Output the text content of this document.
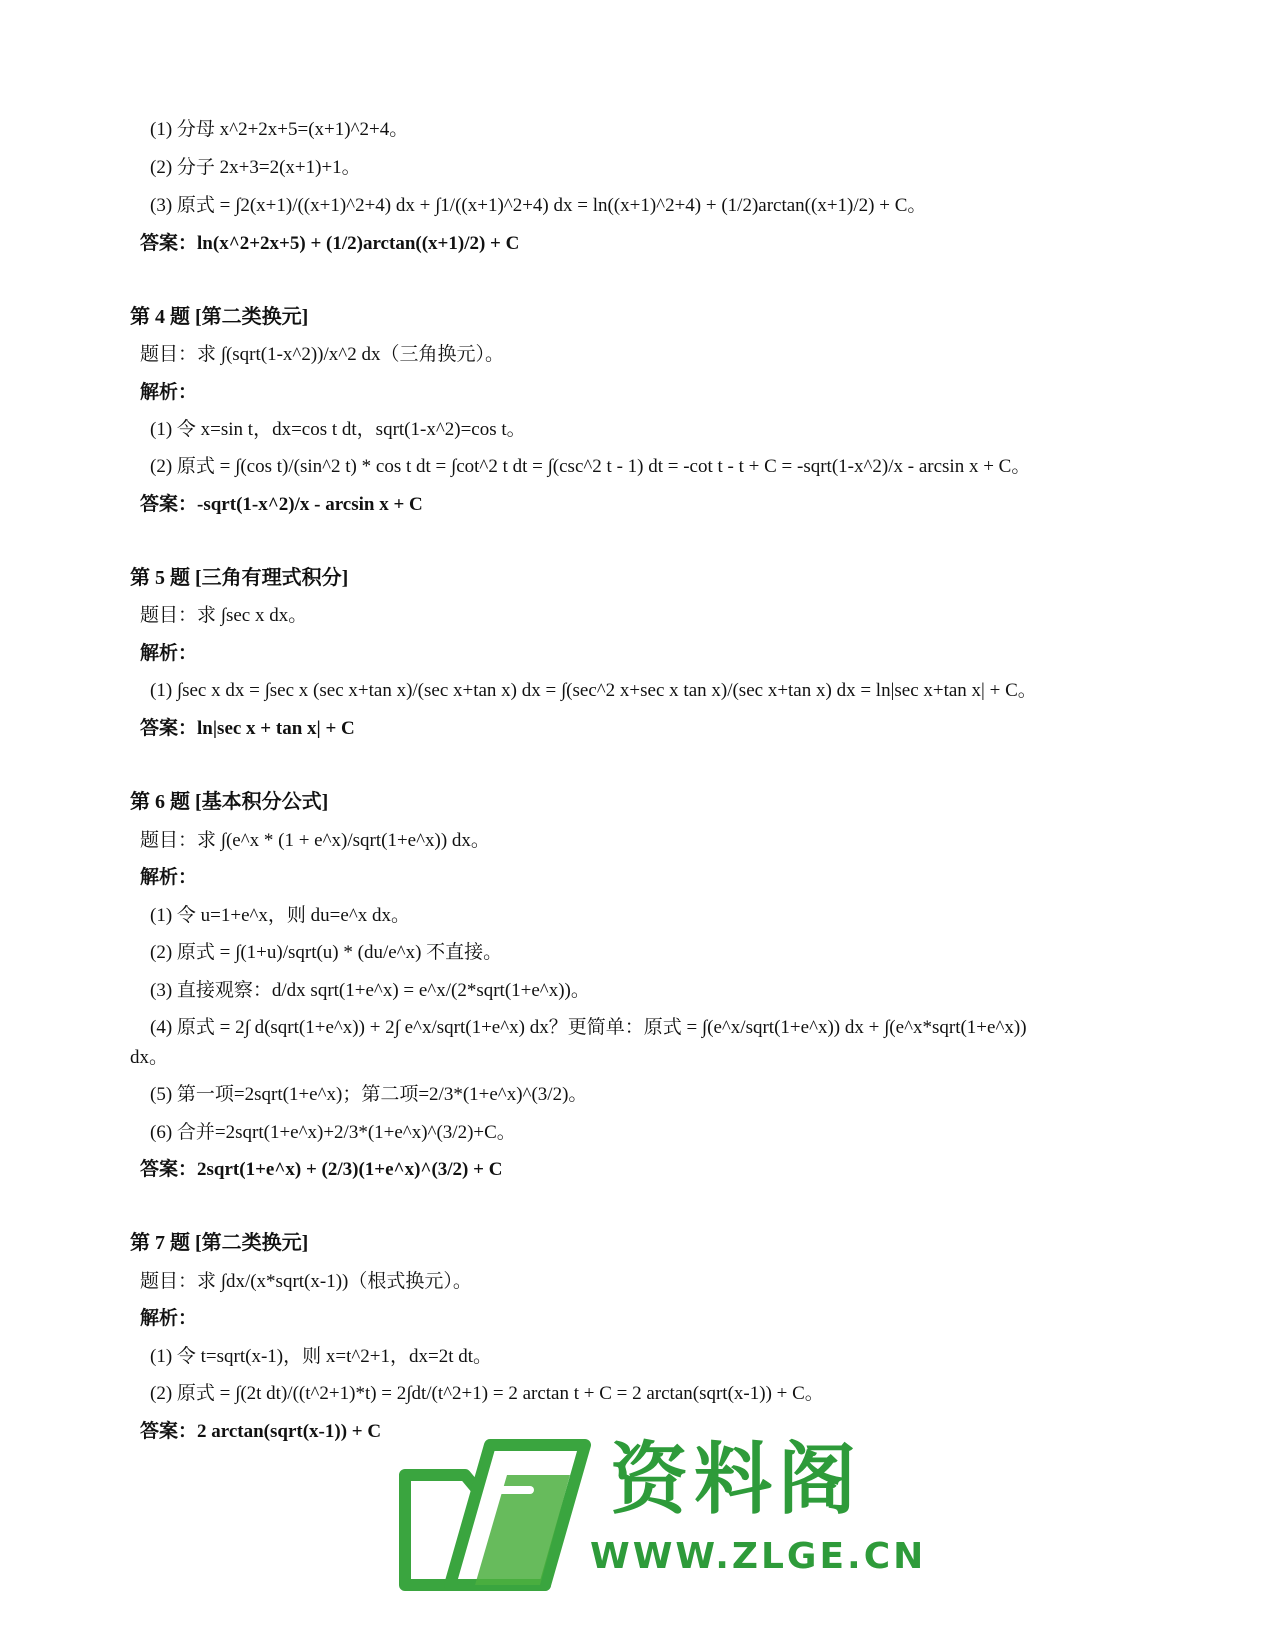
(1) 分母 x^2+2x+5=(x+1)^2+4。
(2) 分子 2x+3=2(x+1)+1。
(3) 原式 = ∫2(x+1)/((x+1)^2+4) dx + ∫1/((x+1)^2+4) dx = ln((x+1)^2+4) + (1/2)arctan((x+1)/2) + C。
答案：ln(x^2+2x+5) + (1/2)arctan((x+1)/2) + C
第 4 题 [第二类换元]
题目：求 ∫(sqrt(1-x^2))/x^2 dx（三角换元）。
解析：
(1) 令 x=sin t，dx=cos t dt，sqrt(1-x^2)=cos t。
(2) 原式 = ∫(cos t)/(sin^2 t) * cos t dt = ∫cot^2 t dt = ∫(csc^2 t - 1) dt = -cot t - t + C = -sqrt(1-x^2)/x - arcsin x + C。
答案：-sqrt(1-x^2)/x - arcsin x + C
第 5 题 [三角有理式积分]
题目：求 ∫sec x dx。
解析：
(1) ∫sec x dx = ∫sec x (sec x+tan x)/(sec x+tan x) dx = ∫(sec^2 x+sec x tan x)/(sec x+tan x) dx = ln|sec x+tan x| + C。
答案：ln|sec x + tan x| + C
第 6 题 [基本积分公式]
题目：求 ∫(e^x * (1 + e^x)/sqrt(1+e^x)) dx。
解析：
(1) 令 u=1+e^x，则 du=e^x dx。
(2) 原式 = ∫(1+u)/sqrt(u) * (du/e^x) 不直接。
(3) 直接观察：d/dx sqrt(1+e^x) = e^x/(2*sqrt(1+e^x))。
(4) 原式 = 2∫ d(sqrt(1+e^x)) + 2∫ e^x/sqrt(1+e^x) dx？更简单：原式 = ∫(e^x/sqrt(1+e^x)) dx + ∫(e^x*sqrt(1+e^x))
dx。
(5) 第一项=2sqrt(1+e^x)；第二项=2/3*(1+e^x)^(3/2)。
(6) 合并=2sqrt(1+e^x)+2/3*(1+e^x)^(3/2)+C。
答案：2sqrt(1+e^x) + (2/3)(1+e^x)^(3/2) + C
第 7 题 [第二类换元]
题目：求 ∫dx/(x*sqrt(x-1))（根式换元）。
解析：
(1) 令 t=sqrt(x-1)，则 x=t^2+1，dx=2t dt。
(2) 原式 = ∫(2t dt)/((t^2+1)*t) = 2∫dt/(t^2+1) = 2 arctan t + C = 2 arctan(sqrt(x-1)) + C。
答案：2 arctan(sqrt(x-1)) + C
资料阁
WWW.ZLGE.CN
